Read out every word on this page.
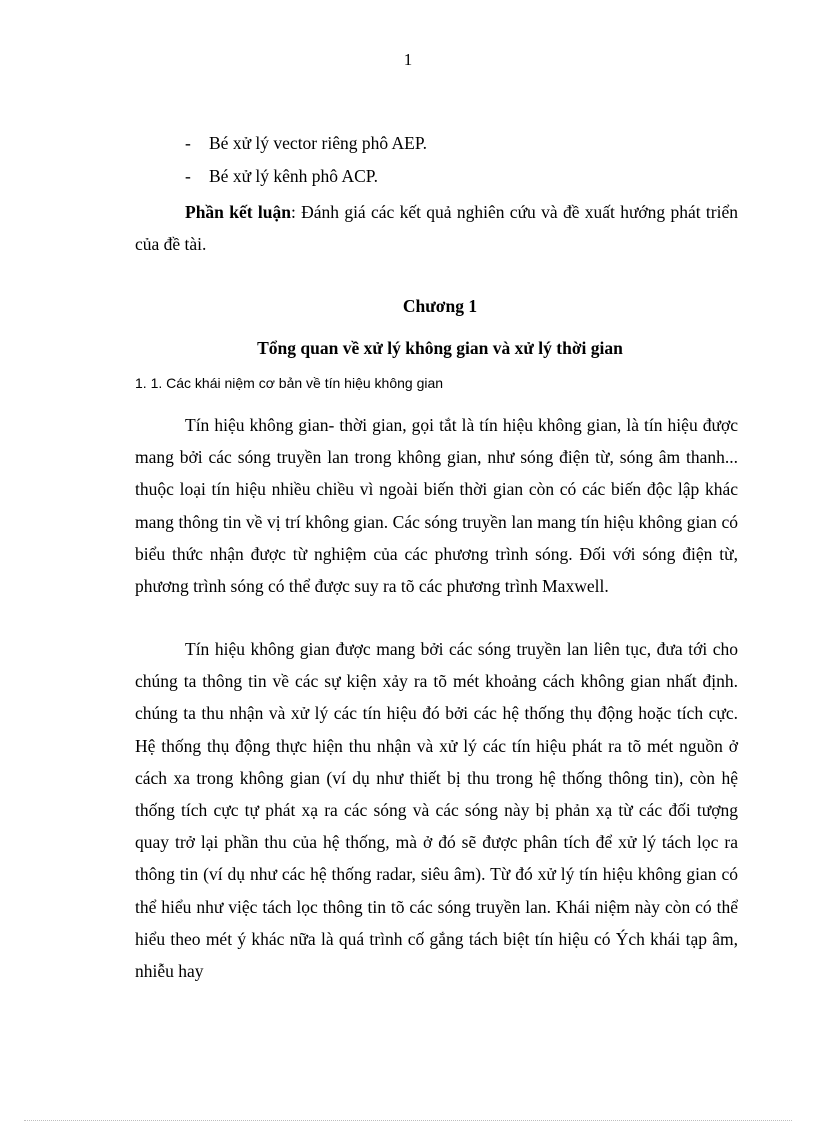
1
- Bé xử lý vector riêng phô AEP.
- Bé xử lý kênh phô ACP.

Phần kết luận: Đánh giá các kết quả nghiên cứu và đề xuất hướng phát triển của đề tài.

Chương 1
Tổng quan về xử lý không gian và xử lý thời gian
1. 1. Các khái niệm cơ bản về tín hiệu không gian

Tín hiệu không gian- thời gian, gọi tắt là tín hiệu không gian, là tín hiệu được mang bởi các sóng truyền lan trong không gian, như sóng điện từ, sóng âm thanh... thuộc loại tín hiệu nhiều chiều vì ngoài biến thời gian còn có các biến độc lập khác mang thông tin về vị trí không gian. Các sóng truyền lan mang tín hiệu không gian có biểu thức nhận được từ nghiệm của các phương trình sóng. Đối với sóng điện từ, phương trình sóng có thể được suy ra tõ các phương trình Maxwell.

Tín hiệu không gian được mang bởi các sóng truyền lan liên tục, đưa tới cho chúng ta thông tin về các sự kiện xảy ra tõ mét khoảng cách không gian nhất định. chúng ta thu nhận và xử lý các tín hiệu đó bởi các hệ thống thụ động hoặc tích cực. Hệ thống thụ động thực hiện thu nhận và xử lý các tín hiệu phát ra tõ mét nguồn ở cách xa trong không gian (ví dụ như thiết bị thu trong hệ thống thông tin), còn hệ thống tích cực tự phát xạ ra các sóng và các sóng này bị phản xạ từ các đối tượng quay trở lại phần thu của hệ thống, mà ở đó sẽ được phân tích để xử lý tách lọc ra thông tin (ví dụ như các hệ thống radar, siêu âm). Từ đó xử lý tín hiệu không gian có thể hiểu như việc tách lọc thông tin tõ các sóng truyền lan. Khái niệm này còn có thể hiểu theo mét ý khác nữa là quá trình cố gắng tách biệt tín hiệu có Ých khái tạp âm, nhiễu hay
